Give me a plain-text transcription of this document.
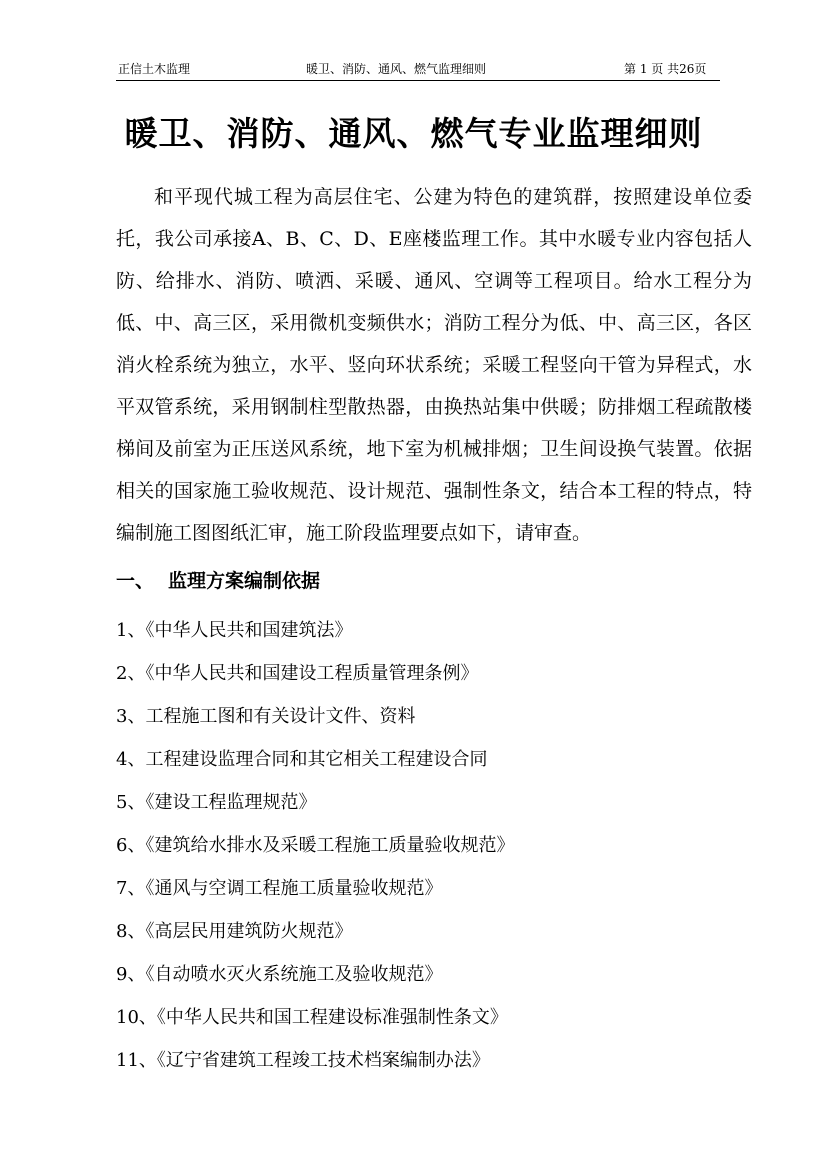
正信土木监理	暖卫、消防、通风、燃气监理细则	第 1 页 共26页
暖卫、消防、通风、燃气专业监理细则

和平现代城工程为高层住宅、公建为特色的建筑群，按照建设单位委托，我公司承接A、B、C、D、E座楼监理工作。其中水暖专业内容包括人防、给排水、消防、喷洒、采暖、通风、空调等工程项目。给水工程分为低、中、高三区，采用微机变频供水；消防工程分为低、中、高三区，各区消火栓系统为独立，水平、竖向环状系统；采暖工程竖向干管为异程式，水平双管系统，采用钢制柱型散热器，由换热站集中供暖；防排烟工程疏散楼梯间及前室为正压送风系统，地下室为机械排烟；卫生间设换气装置。依据相关的国家施工验收规范、设计规范、强制性条文，结合本工程的特点，特编制施工图图纸汇审，施工阶段监理要点如下，请审查。

一、 监理方案编制依据
1、《中华人民共和国建筑法》
2、《中华人民共和国建设工程质量管理条例》
3、工程施工图和有关设计文件、资料
4、工程建设监理合同和其它相关工程建设合同
5、《建设工程监理规范》
6、《建筑给水排水及采暖工程施工质量验收规范》
7、《通风与空调工程施工质量验收规范》
8、《高层民用建筑防火规范》
9、《自动喷水灭火系统施工及验收规范》
10、《中华人民共和国工程建设标准强制性条文》
11、《辽宁省建筑工程竣工技术档案编制办法》
